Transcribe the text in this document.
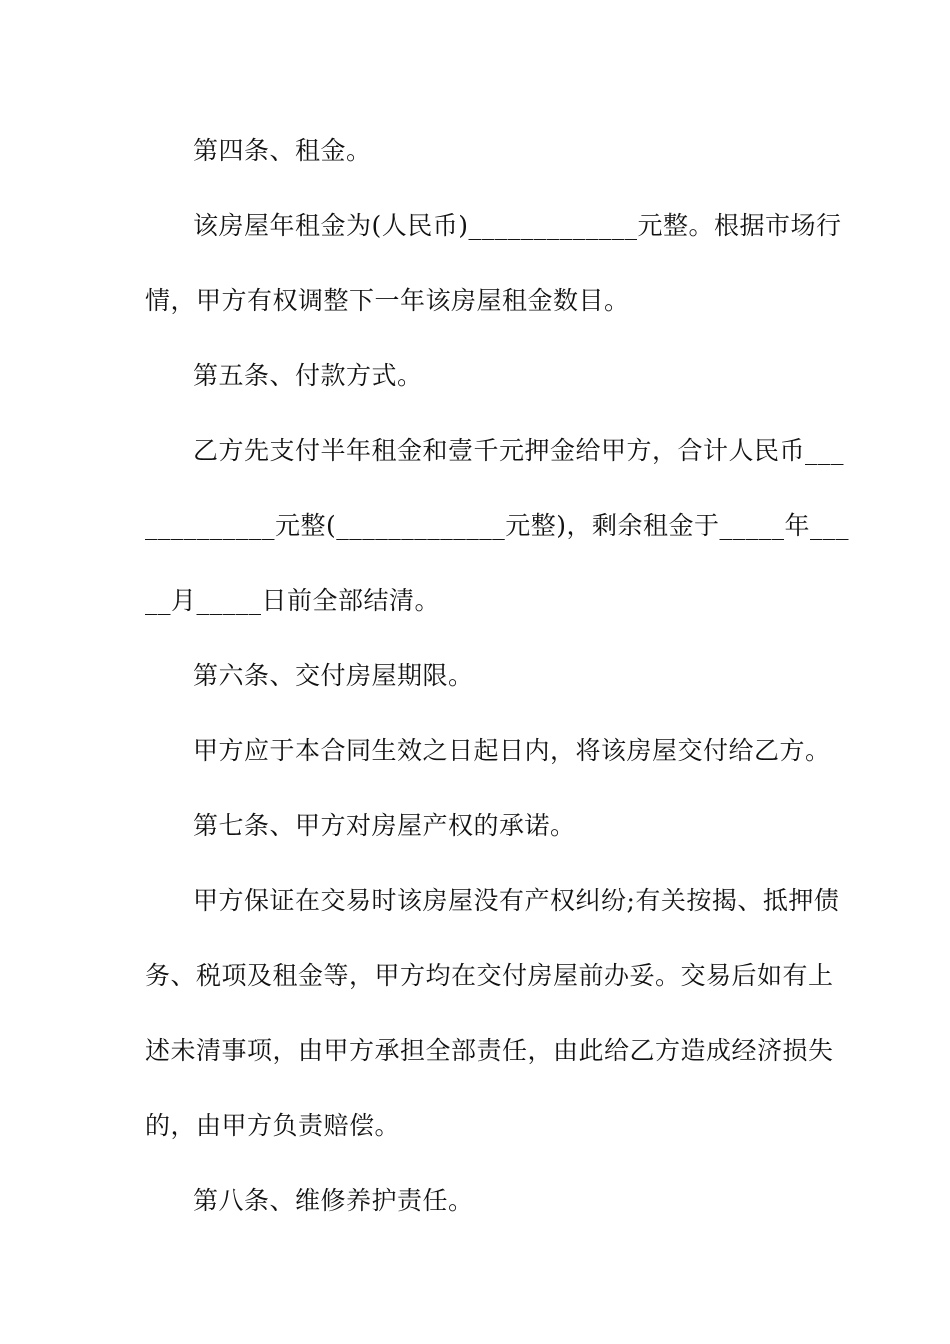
第四条、租金。
该房屋年租金为(人民币)_____________元整。根据市场行
情，甲方有权调整下一年该房屋租金数目。
第五条、付款方式。
乙方先支付半年租金和壹千元押金给甲方，合计人民币___
__________元整(_____________元整)，剩余租金于_____年___
__月_____日前全部结清。
第六条、交付房屋期限。
甲方应于本合同生效之日起日内，将该房屋交付给乙方。
第七条、甲方对房屋产权的承诺。
甲方保证在交易时该房屋没有产权纠纷;有关按揭、抵押债
务、税项及租金等，甲方均在交付房屋前办妥。交易后如有上
述未清事项，由甲方承担全部责任，由此给乙方造成经济损失
的，由甲方负责赔偿。
第八条、维修养护责任。
